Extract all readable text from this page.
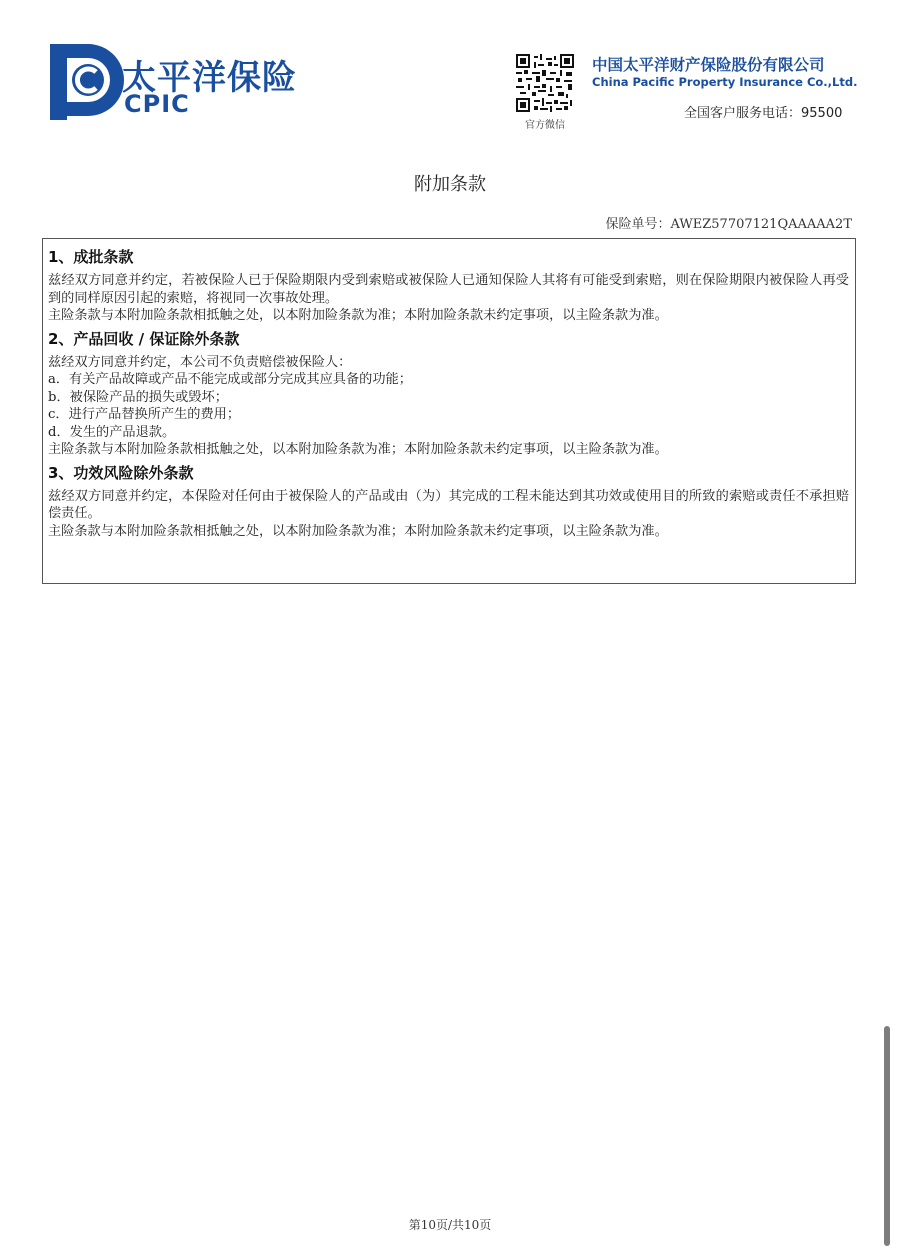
太平洋保险
CPIC
官方微信
中国太平洋财产保险股份有限公司
China Pacific Property Insurance Co.,Ltd.
全国客户服务电话：95500
附加条款
保险单号：AWEZ57707121QAAAAA2T
1、成批条款
兹经双方同意并约定，若被保险人已于保险期限内受到索赔或被保险人已通知保险人其将有可能受到索赔，则在保险期限内被保险人再受到的同样原因引起的索赔，将视同一次事故处理。
主险条款与本附加险条款相抵触之处，以本附加险条款为准；本附加险条款未约定事项，以主险条款为准。
2、产品回收 / 保证除外条款
兹经双方同意并约定，本公司不负责赔偿被保险人：
a．有关产品故障或产品不能完成或部分完成其应具备的功能；
b．被保险产品的损失或毁坏；
c．进行产品替换所产生的费用；
d．发生的产品退款。
主险条款与本附加险条款相抵触之处，以本附加险条款为准；本附加险条款未约定事项，以主险条款为准。
3、功效风险除外条款
兹经双方同意并约定，本保险对任何由于被保险人的产品或由（为）其完成的工程未能达到其功效或使用目的所致的索赔或责任不承担赔偿责任。
主险条款与本附加险条款相抵触之处，以本附加险条款为准；本附加险条款未约定事项，以主险条款为准。
第10页/共10页
